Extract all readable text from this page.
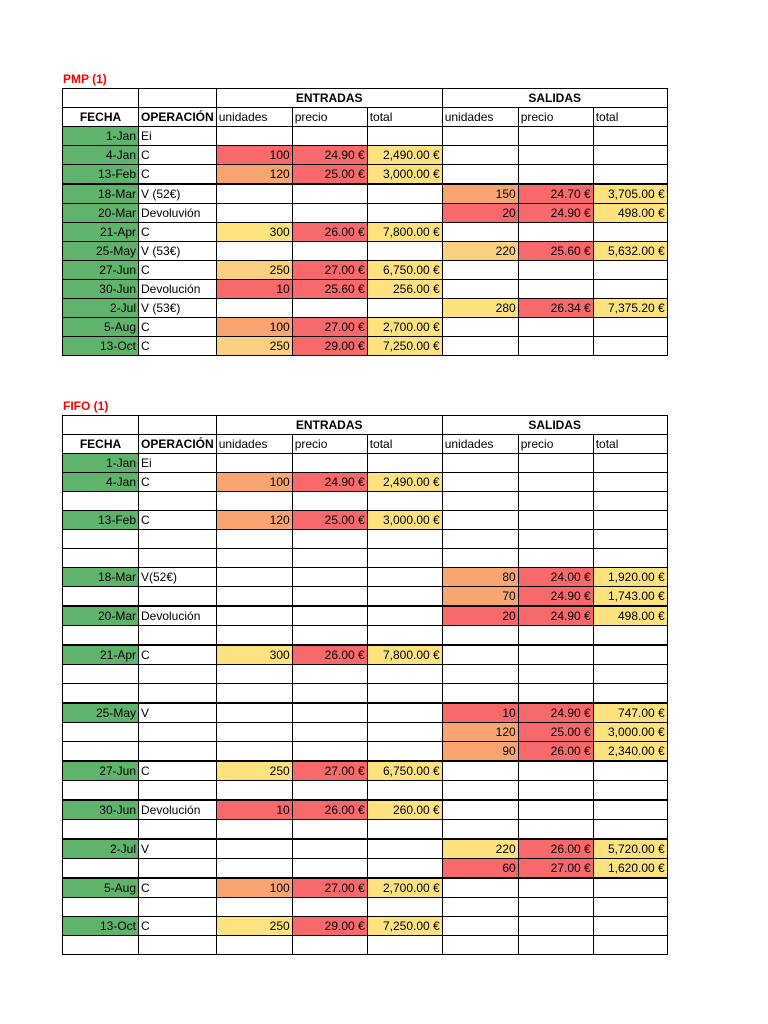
PMP (1)
		ENTRADAS			SALIDAS		
FECHA	OPERACIÓN	unidades	precio	total	unidades	precio	total
1-Jan	Ei						
4-Jan	C	100	24.90 €	2,490.00 €			
13-Feb	C	120	25.00 €	3,000.00 €			
18-Mar	V (52€)				150	24.70 €	3,705.00 €
20-Mar	Devoluvión				20	24.90 €	498.00 €
21-Apr	C	300	26.00 €	7,800.00 €			
25-May	V (53€)				220	25.60 €	5,632.00 €
27-Jun	C	250	27.00 €	6,750.00 €			
30-Jun	Devolución	10	25.60 €	256.00 €			
2-Jul	V (53€)				280	26.34 €	7,375.20 €
5-Aug	C	100	27.00 €	2,700.00 €			
13-Oct	C	250	29.00 €	7,250.00 €			
FIFO (1)
		ENTRADAS			SALIDAS		
FECHA	OPERACIÓN	unidades	precio	total	unidades	precio	total
1-Jan	Ei						
4-Jan	C	100	24.90 €	2,490.00 €			

13-Feb	C	120	25.00 €	3,000.00 €			

18-Mar	V(52€)				80	24.00 €	1,920.00 €
					70	24.90 €	1,743.00 €
20-Mar	Devolución				20	24.90 €	498.00 €

21-Apr	C	300	26.00 €	7,800.00 €			

25-May	V				10	24.90 €	747.00 €
					120	25.00 €	3,000.00 €
					90	26.00 €	2,340.00 €
27-Jun	C	250	27.00 €	6,750.00 €			

30-Jun	Devolución	10	26.00 €	260.00 €			

2-Jul	V				220	26.00 €	5,720.00 €
					60	27.00 €	1,620.00 €
5-Aug	C	100	27.00 €	2,700.00 €			

13-Oct	C	250	29.00 €	7,250.00 €			
